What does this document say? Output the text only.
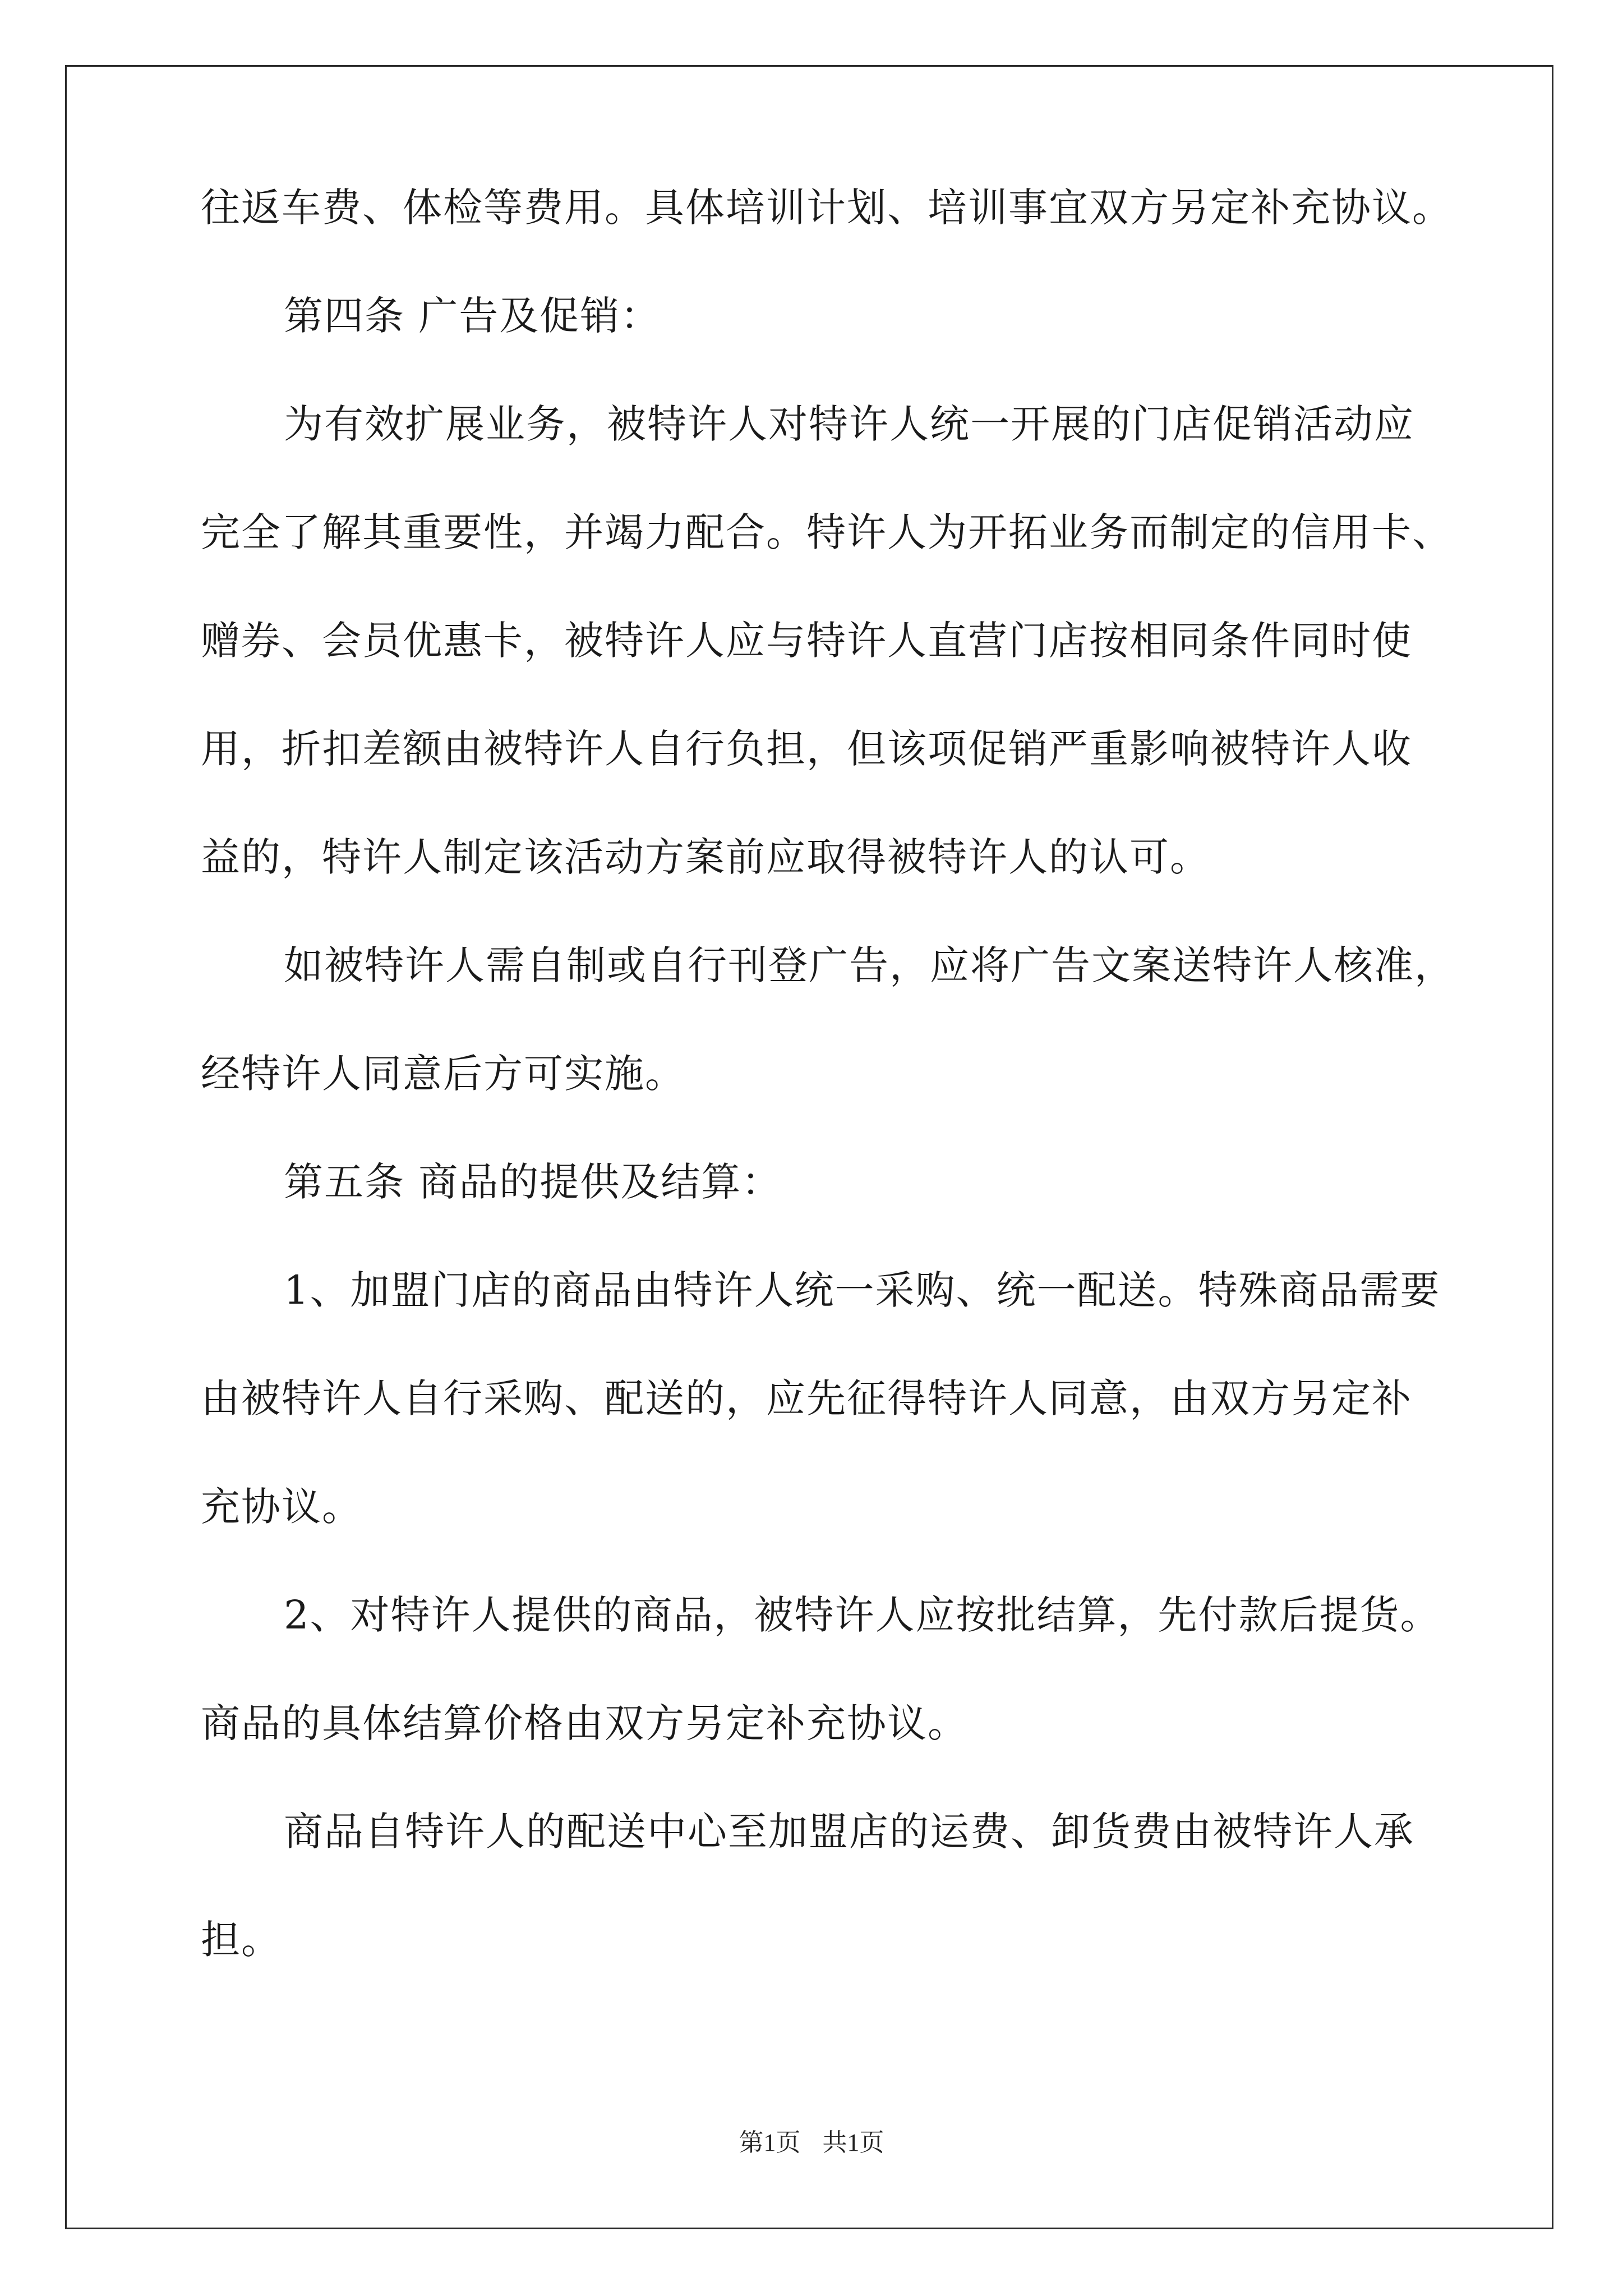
往返车费、体检等费用。具体培训计划、培训事宜双方另定补充协议。
第四条 广告及促销：
为有效扩展业务，被特许人对特许人统一开展的门店促销活动应
完全了解其重要性，并竭力配合。特许人为开拓业务而制定的信用卡、
赠券、会员优惠卡，被特许人应与特许人直营门店按相同条件同时使
用，折扣差额由被特许人自行负担，但该项促销严重影响被特许人收
益的，特许人制定该活动方案前应取得被特许人的认可。
如被特许人需自制或自行刊登广告，应将广告文案送特许人核准，
经特许人同意后方可实施。
第五条 商品的提供及结算：
1、加盟门店的商品由特许人统一采购、统一配送。特殊商品需要
由被特许人自行采购、配送的，应先征得特许人同意，由双方另定补
充协议。
2、对特许人提供的商品，被特许人应按批结算，先付款后提货。
商品的具体结算价格由双方另定补充协议。
商品自特许人的配送中心至加盟店的运费、卸货费由被特许人承
担。
第1页 共1页
